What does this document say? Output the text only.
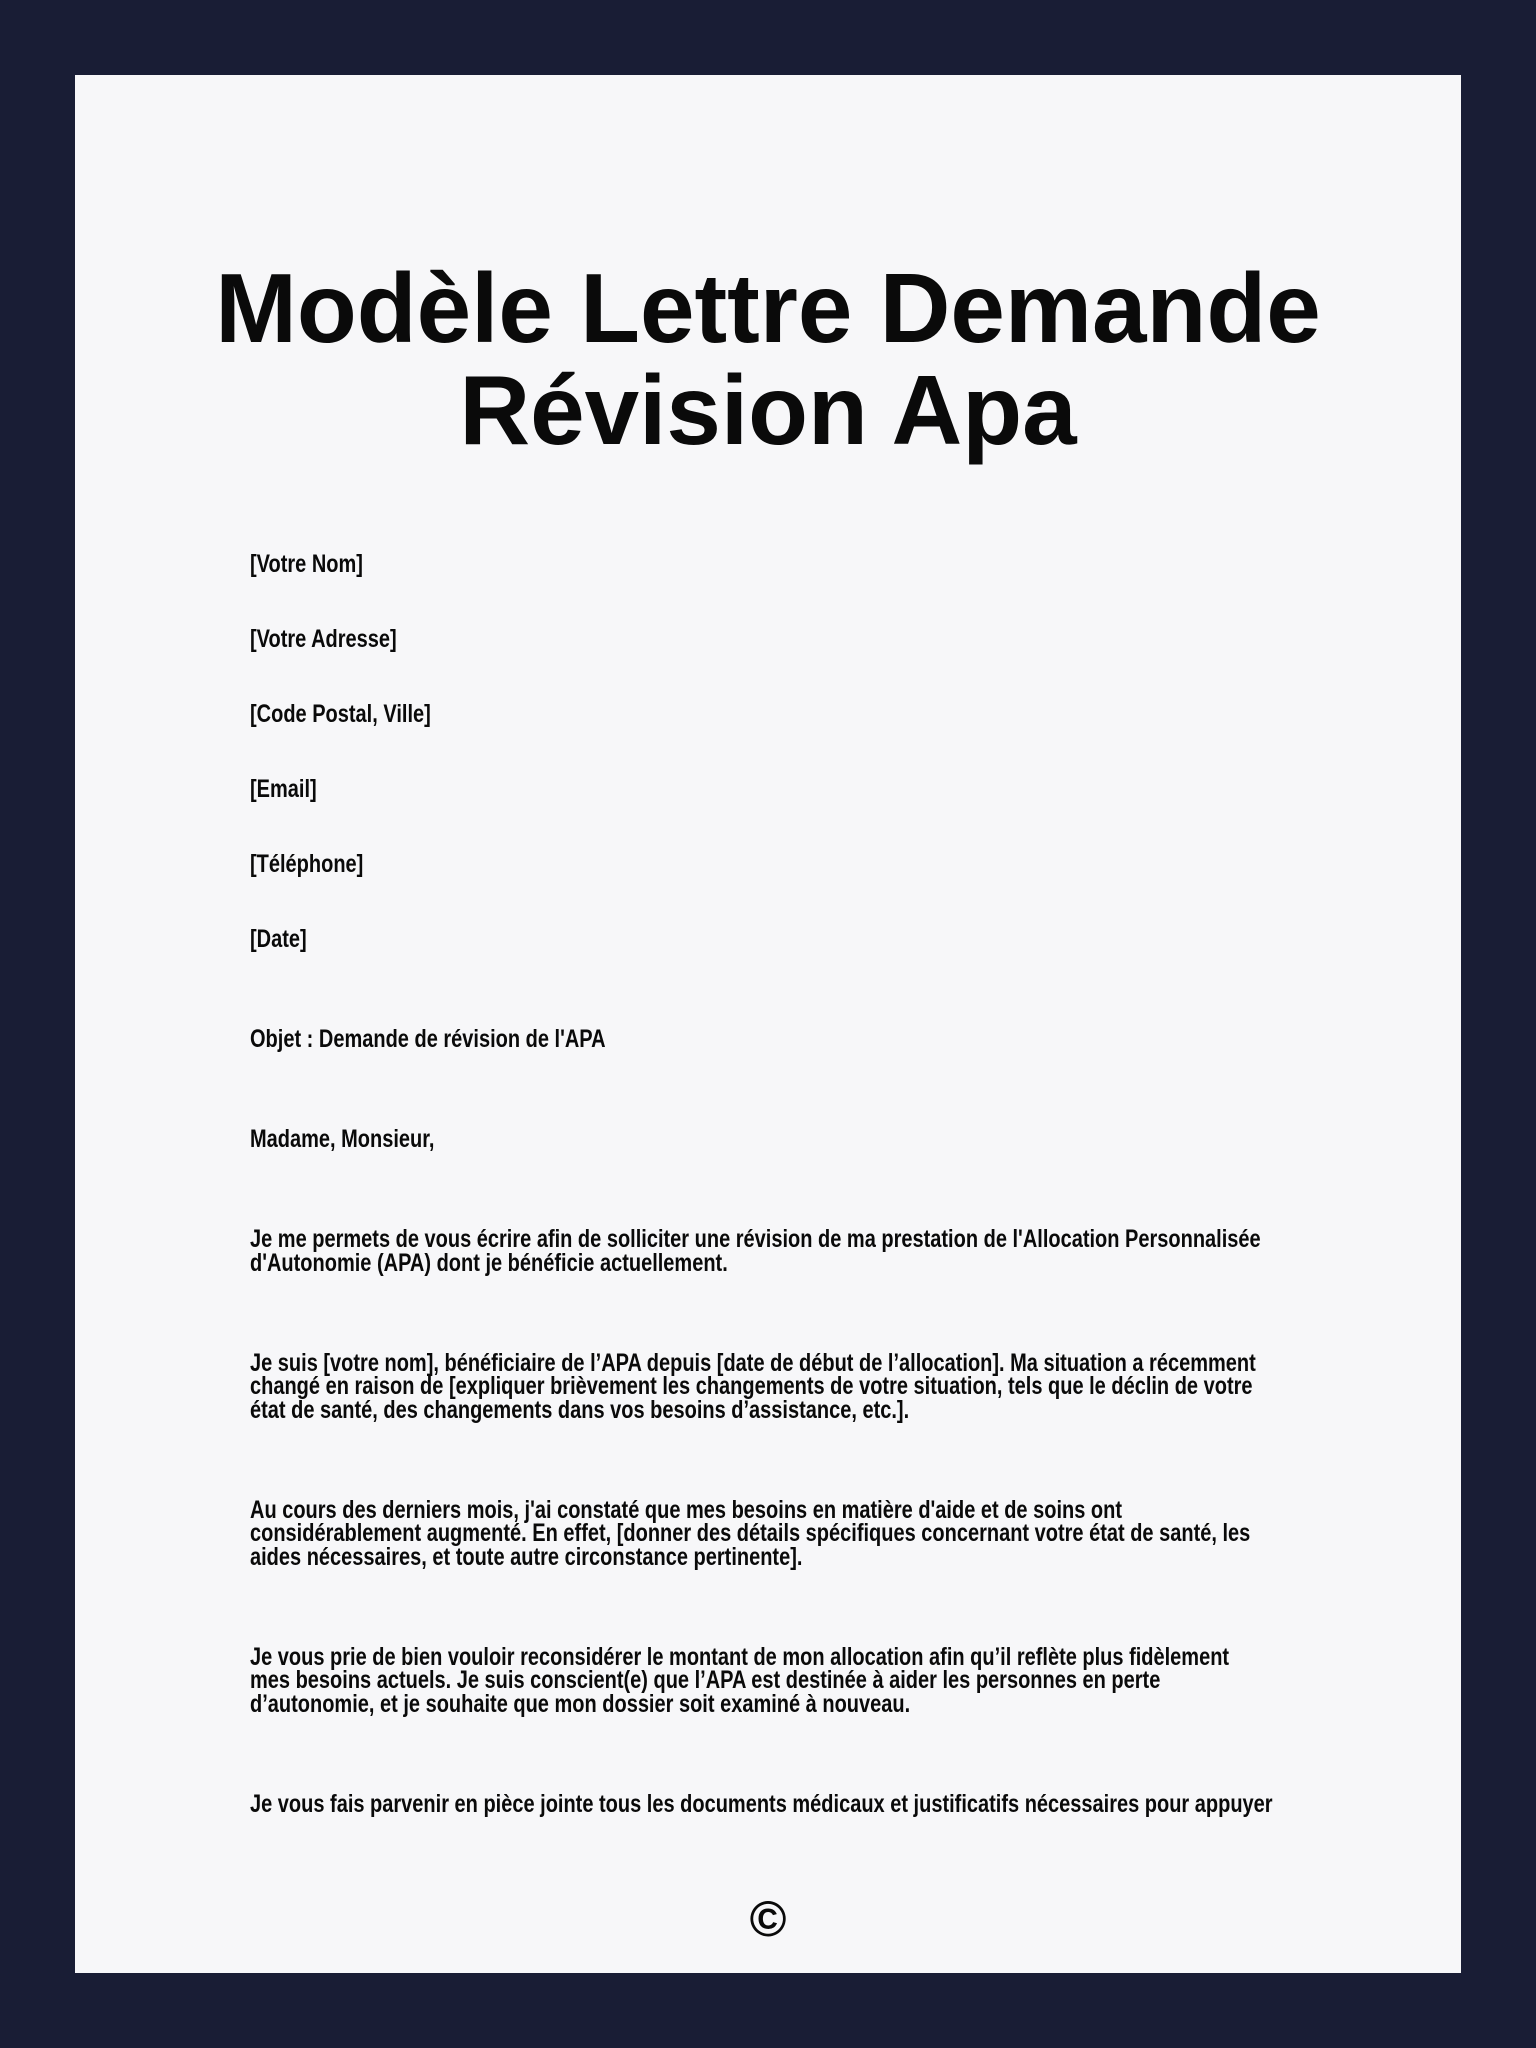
Modèle Lettre Demande
Révision Apa
[Votre Nom]
[Votre Adresse]
[Code Postal, Ville]
[Email]
[Téléphone]
[Date]
Objet : Demande de révision de l'APA
Madame, Monsieur,
Je me permets de vous écrire afin de solliciter une révision de ma prestation de l'Allocation Personnalisée
d'Autonomie (APA) dont je bénéficie actuellement.
Je suis [votre nom], bénéficiaire de l’APA depuis [date de début de l’allocation]. Ma situation a récemment
changé en raison de [expliquer brièvement les changements de votre situation, tels que le déclin de votre
état de santé, des changements dans vos besoins d’assistance, etc.].
Au cours des derniers mois, j'ai constaté que mes besoins en matière d'aide et de soins ont
considérablement augmenté. En effet, [donner des détails spécifiques concernant votre état de santé, les
aides nécessaires, et toute autre circonstance pertinente].
Je vous prie de bien vouloir reconsidérer le montant de mon allocation afin qu’il reflète plus fidèlement
mes besoins actuels. Je suis conscient(e) que l’APA est destinée à aider les personnes en perte
d’autonomie, et je souhaite que mon dossier soit examiné à nouveau.
Je vous fais parvenir en pièce jointe tous les documents médicaux et justificatifs nécessaires pour appuyer
©
